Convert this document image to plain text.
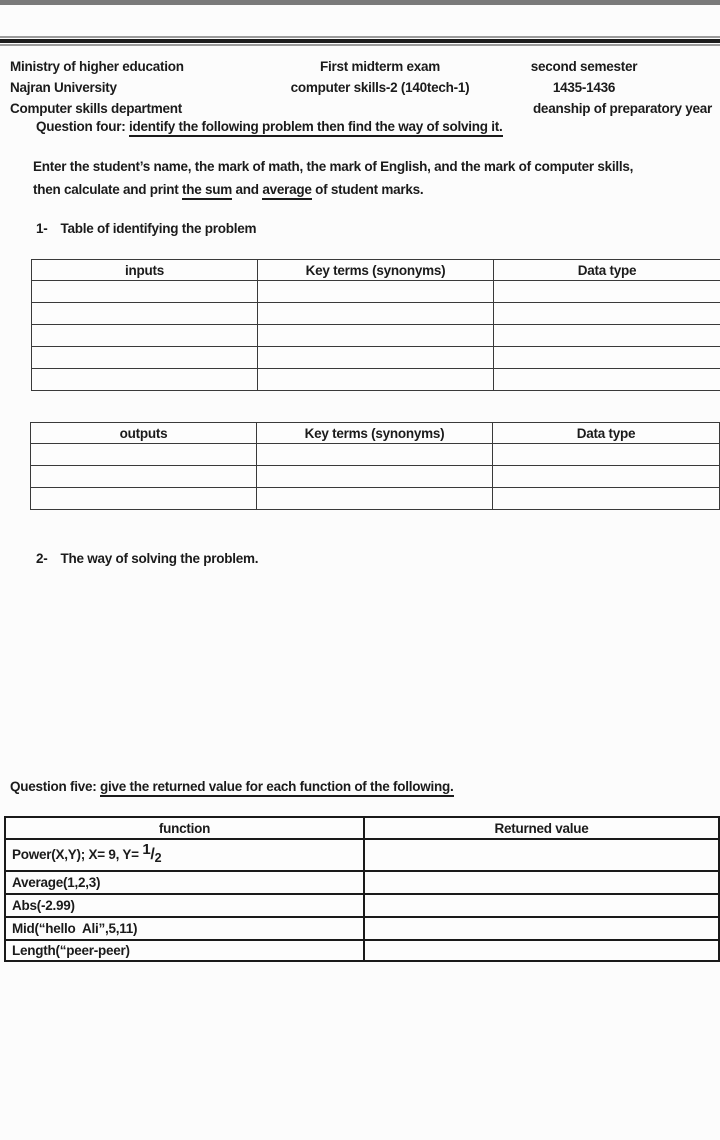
Ministry of higher education
Najran University
Computer skills department
First midterm exam
computer skills-2 (140tech-1)
second semester
1435-1436
deanship of preparatory year
Question four: identify the following problem then find the way of solving it.
Enter the student’s name, the mark of math, the mark of English, and the mark of computer skills,
then calculate and print the sum and average of student marks.
1- Table of identifying the problem
inputs	Key terms (synonyms)	Data type

outputs	Key terms (synonyms)	Data type

2- The way of solving the problem.
Question five: give the returned value for each function of the following.
function	Returned value
Power(X,Y); X= 9, Y= 1/2	
Average(1,2,3)	
Abs(-2.99)	
Mid(“hello  Ali”,5,11)	
Length(“peer-peer)	
